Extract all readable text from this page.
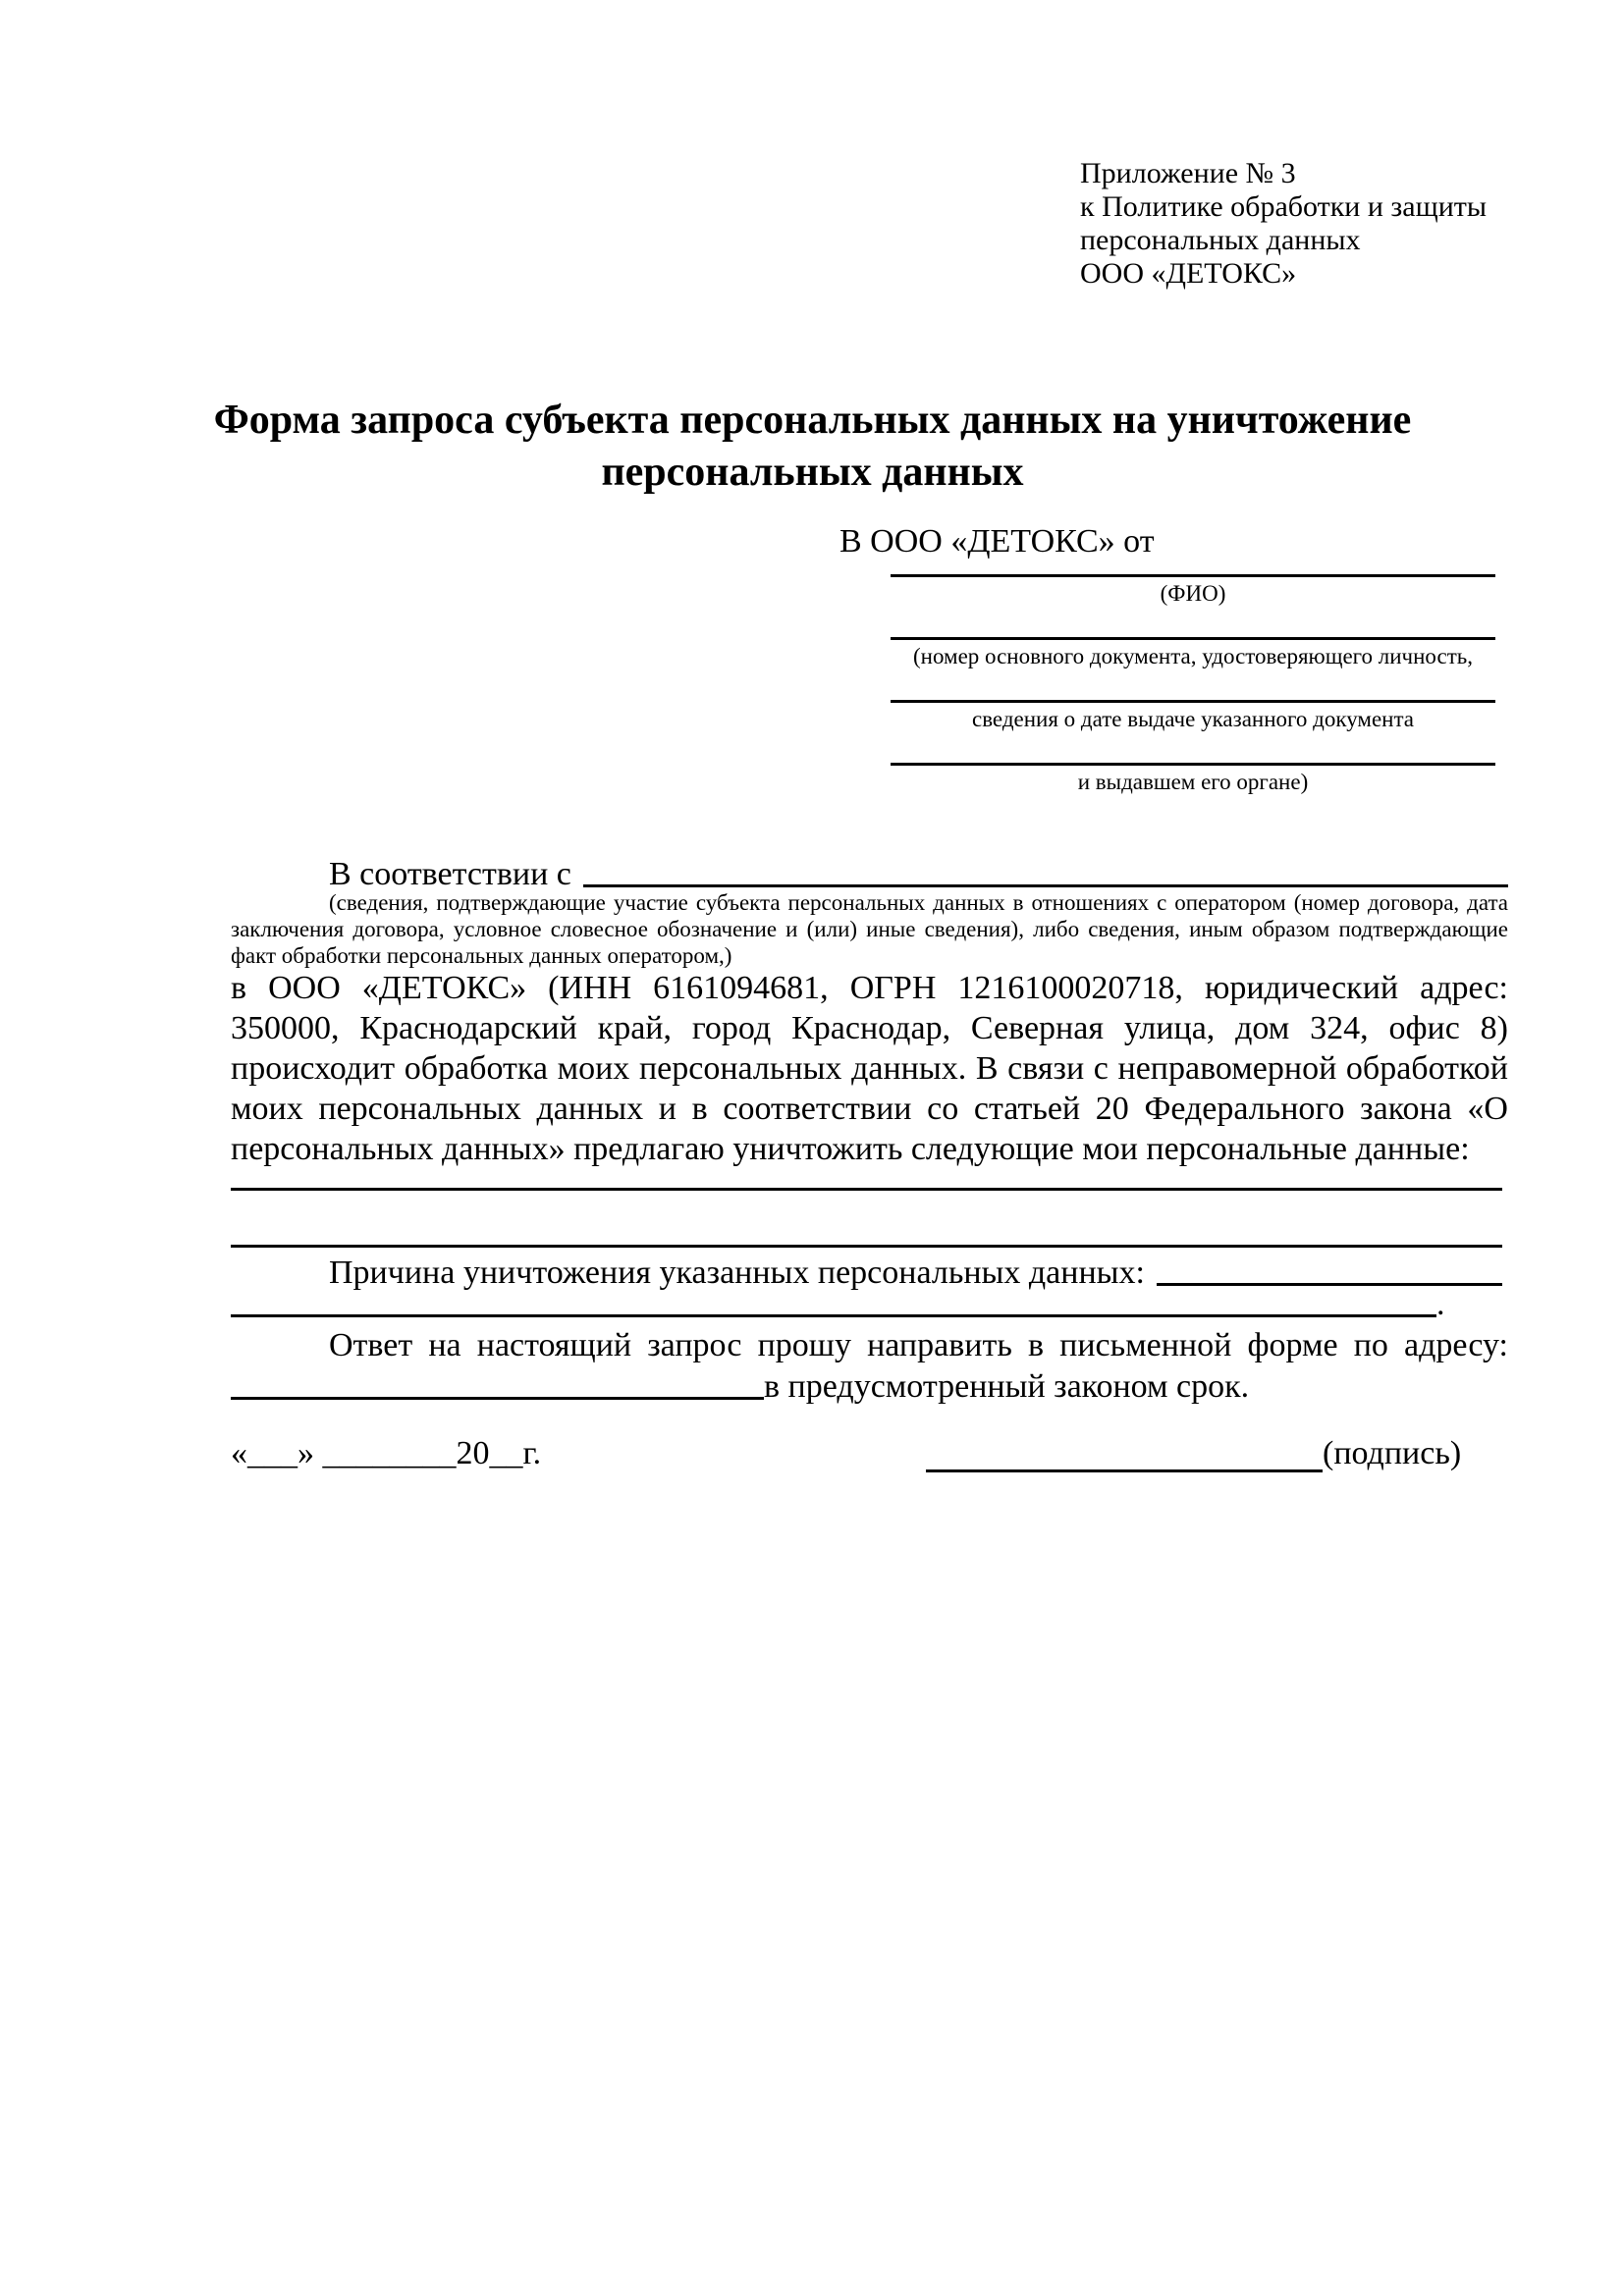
Приложение № 3
к Политике обработки и защиты
персональных данных
ООО «ДЕТОКС»
Форма запроса субъекта персональных данных на уничтожение
персональных данных
В ООО «ДЕТОКС» от
(ФИО)
(номер основного документа, удостоверяющего личность,
сведения о дате выдаче указанного документа
и выдавшем его органе)
В соответствии с
(сведения, подтверждающие участие субъекта персональных данных в отношениях с оператором (номер договора, дата заключения договора, условное словесное обозначение и (или) иные сведения), либо сведения, иным образом подтверждающие факт обработки персональных данных оператором,)
в ООО «ДЕТОКС» (ИНН 6161094681, ОГРН 1216100020718, юридический адрес: 350000, Краснодарский край, город Краснодар, Северная улица, дом 324, офис 8) происходит обработка моих персональных данных. В связи с неправомерной обработкой моих персональных данных и в соответствии со статьей 20 Федерального закона «О персональных данных» предлагаю уничтожить следующие мои персональные данные:
Причина уничтожения указанных персональных данных:
.
Ответ на настоящий запрос прошу направить в письменной форме по адресу:
в предусмотренный законом срок.
«___» ________20__г.	(подпись)
